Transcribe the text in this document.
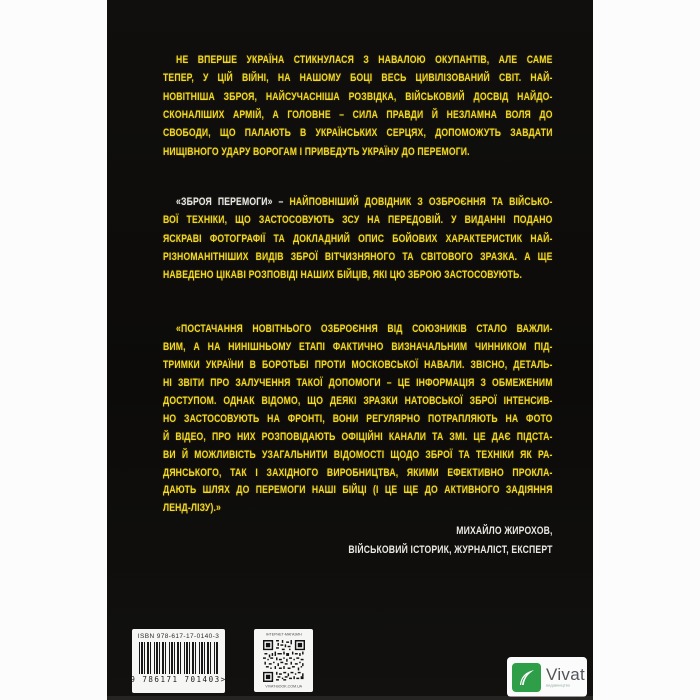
НЕ ВПЕРШЕ УКРАЇНА СТИКНУЛАСЯ З НАВАЛОЮ ОКУПАНТІВ, АЛЕ САМЕ
ТЕПЕР, У ЦІЙ ВІЙНІ, НА НАШОМУ БОЦІ ВЕСЬ ЦИВІЛІЗОВАНИЙ СВІТ. НАЙ-
НОВІТНІША ЗБРОЯ, НАЙСУЧАСНІША РОЗВІДКА, ВІЙСЬКОВИЙ ДОСВІД НАЙДО-
СКОНАЛІШИХ АРМІЙ, А ГОЛОВНЕ – СИЛА ПРАВДИ Й НЕЗЛАМНА ВОЛЯ ДО
СВОБОДИ, ЩО ПАЛАЮТЬ В УКРАЇНСЬКИХ СЕРЦЯХ, ДОПОМОЖУТЬ ЗАВДАТИ
НИЩІВНОГО УДАРУ ВОРОГАМ І ПРИВЕДУТЬ УКРАЇНУ ДО ПЕРЕМОГИ.
«ЗБРОЯ ПЕРЕМОГИ» – НАЙПОВНІШИЙ ДОВІДНИК З ОЗБРОЄННЯ ТА ВІЙСЬКО-
ВОЇ ТЕХНІКИ, ЩО ЗАСТОСОВУЮТЬ ЗСУ НА ПЕРЕДОВІЙ. У ВИДАННІ ПОДАНО
ЯСКРАВІ ФОТОГРАФІЇ ТА ДОКЛАДНИЙ ОПИС БОЙОВИХ ХАРАКТЕРИСТИК НАЙ-
РІЗНОМАНІТНІШИХ ВИДІВ ЗБРОЇ ВІТЧИЗНЯНОГО ТА СВІТОВОГО ЗРАЗКА. А ЩЕ
НАВЕДЕНО ЦІКАВІ РОЗПОВІДІ НАШИХ БІЙЦІВ, ЯКІ ЦЮ ЗБРОЮ ЗАСТОСОВУЮТЬ.
«ПОСТАЧАННЯ НОВІТНЬОГО ОЗБРОЄННЯ ВІД СОЮЗНИКІВ СТАЛО ВАЖЛИ-
ВИМ, А НА НИНІШНЬОМУ ЕТАПІ ФАКТИЧНО ВИЗНАЧАЛЬНИМ ЧИННИКОМ ПІД-
ТРИМКИ УКРАЇНИ В БОРОТЬБІ ПРОТИ МОСКОВСЬКОЇ НАВАЛИ. ЗВІСНО, ДЕТАЛЬ-
НІ ЗВІТИ ПРО ЗАЛУЧЕННЯ ТАКОЇ ДОПОМОГИ – ЦЕ ІНФОРМАЦІЯ З ОБМЕЖЕНИМ
ДОСТУПОМ. ОДНАК ВІДОМО, ЩО ДЕЯКІ ЗРАЗКИ НАТОВСЬКОЇ ЗБРОЇ ІНТЕНСИВ-
НО ЗАСТОСОВУЮТЬ НА ФРОНТІ, ВОНИ РЕГУЛЯРНО ПОТРАПЛЯЮТЬ НА ФОТО
Й ВІДЕО, ПРО НИХ РОЗПОВІДАЮТЬ ОФІЦІЙНІ КАНАЛИ ТА ЗМІ. ЦЕ ДАЄ ПІДСТА-
ВИ Й МОЖЛИВІСТЬ УЗАГАЛЬНИТИ ВІДОМОСТІ ЩОДО ЗБРОЇ ТА ТЕХНІКИ ЯК РА-
ДЯНСЬКОГО, ТАК І ЗАХІДНОГО ВИРОБНИЦТВА, ЯКИМИ ЕФЕКТИВНО ПРОКЛА-
ДАЮТЬ ШЛЯХ ДО ПЕРЕМОГИ НАШІ БІЙЦІ (І ЦЕ ЩЕ ДО АКТИВНОГО ЗАДІЯННЯ
ЛЕНД-ЛІЗУ).»
МИХАЙЛО ЖИРОХОВ,
ВІЙСЬКОВИЙ ІСТОРИК, ЖУРНАЛІСТ, ЕКСПЕРТ
ISBN 978-617-17-0140-3
9 786171 701403>
ІНТЕРНЕТ-МАГАЗИН
VIVAT-BOOK.COM.UA
Vivat
видавництво
